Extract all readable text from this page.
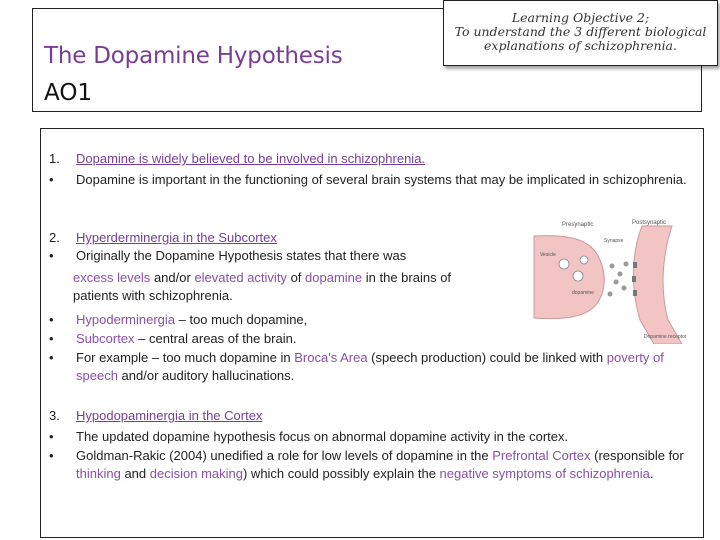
The Dopamine Hypothesis
AO1
Learning Objective 2;
To understand the 3 different biological explanations of schizophrenia.
1. Dopamine is widely believed to be involved in schizophrenia.
• Dopamine is important in the functioning of several brain systems that may be implicated in schizophrenia.
2. Hyperderminergia in the Subcortex
• Originally the Dopamine Hypothesis states that there was
excess levels and/or elevated activity of dopamine in the brains of patients with schizophrenia.
• Hypoderminergia – too much dopamine,
• Subcortex – central areas of the brain.
• For example – too much dopamine in Broca's Area (speech production) could be linked with poverty of speech and/or auditory hallucinations.
3. Hypodopaminergia in the Cortex
• The updated dopamine hypothesis focus on abnormal dopamine activity in the cortex.
• Goldman-Rakic (2004) unedified a role for low levels of dopamine in the Prefrontal Cortex (responsible for thinking and decision making) which could possibly explain the negative symptoms of schizophrenia.
Presynaptic	Postsynaptic
Synapse
Vesicle
dopamine
Dopamine receptor
